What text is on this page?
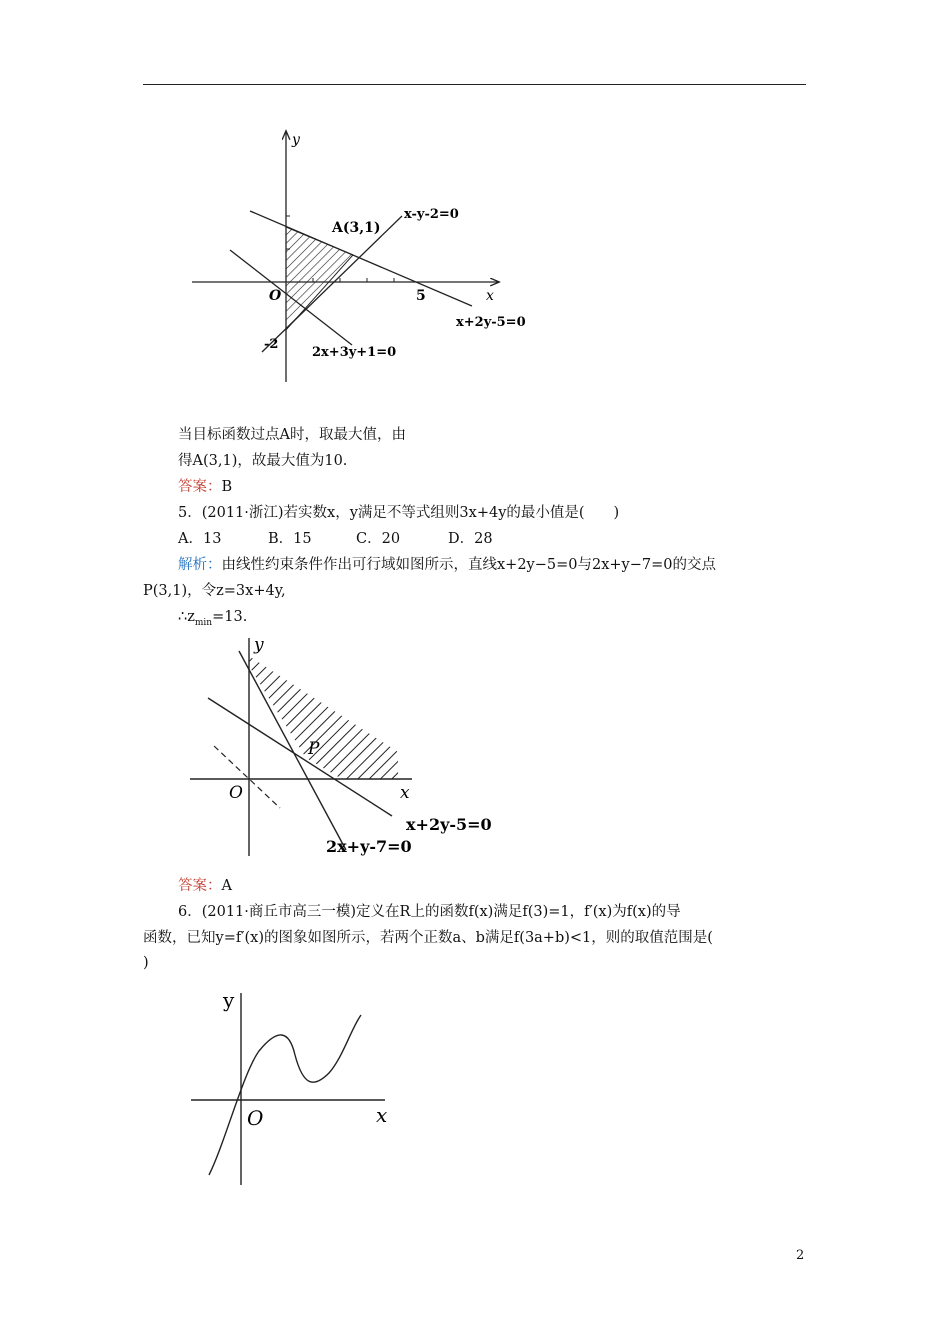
y
x
O	5
-2
A(3,1)
x-y-2=0
x+2y-5=0
2x+3y+1=0
当目标函数过点A时，取最大值，由
得A(3,1)，故最大值为10.
答案：B
5．(2011·浙江)若实数x，y满足不等式组则3x+4y的最小值是(　　)
A．13	B．15	C．20	D．28
解析：由线性约束条件作出可行域如图所示，直线x+2y−5=0与2x+y−7=0的交点
P(3,1)，令z=3x+4y,
$\therefore z_{min}=13$.
y
x
O
P
x+2y-5=0
2x+y-7=0
答案：A
6．(2011·商丘市高三一模)定义在R上的函数f(x)满足f(3)=1，f′(x)为f(x)的导
函数，已知y=f′(x)的图象如图所示，若两个正数a、b满足f(3a+b)<1，则的取值范围是(
)
y
x
O
2
